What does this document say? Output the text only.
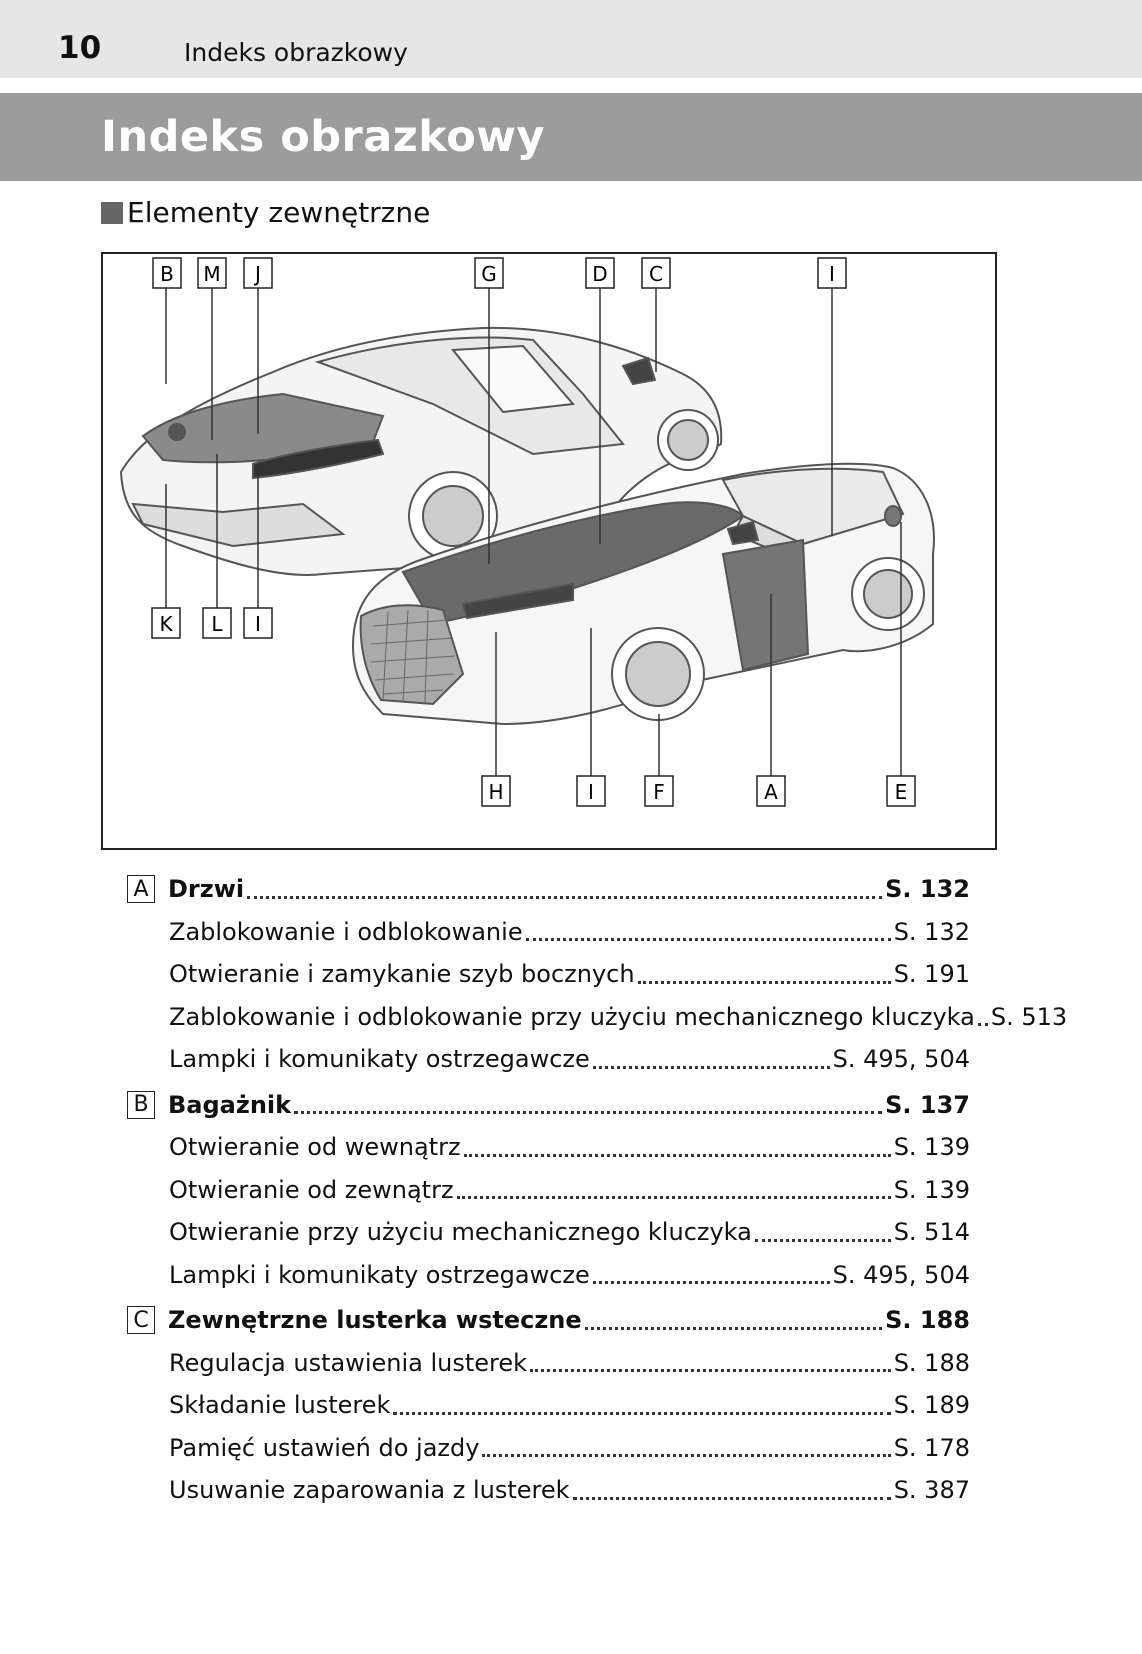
10	Indeks obrazkowy
Indeks obrazkowy
Elementy zewnętrzne
B M J	G	D C	I
K L I
H	I	F	A	E
A Drzwi	S. 132
Zablokowanie i odblokowanie	S. 132
Otwieranie i zamykanie szyb bocznych	S. 191
Zablokowanie i odblokowanie przy użyciu mechanicznego kluczyka S. 513
Lampki i komunikaty ostrzegawcze	S. 495, 504
B Bagażnik	S. 137
Otwieranie od wewnątrz	S. 139
Otwieranie od zewnątrz	S. 139
Otwieranie przy użyciu mechanicznego kluczyka	S. 514
Lampki i komunikaty ostrzegawcze	S. 495, 504
C Zewnętrzne lusterka wsteczne	S. 188
Regulacja ustawienia lusterek	S. 188
Składanie lusterek	S. 189
Pamięć ustawień do jazdy	S. 178
Usuwanie zaparowania z lusterek	S. 387
